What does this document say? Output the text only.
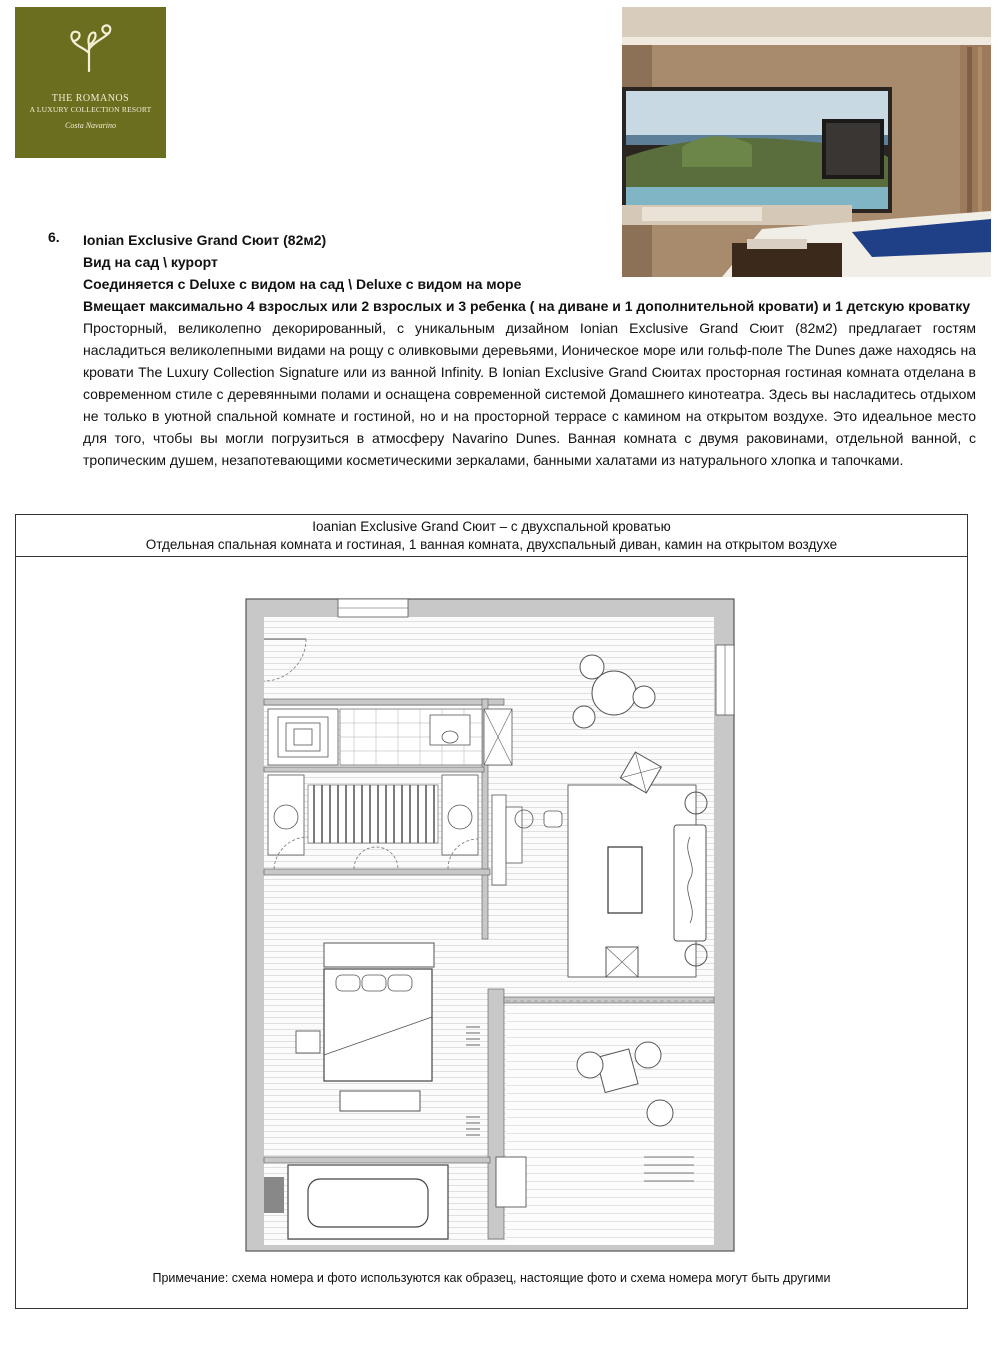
THE ROMANOS
A LUXURY COLLECTION RESORT
Costa Navarino
6. Ionian Exclusive Grand Сюит (82м2)
Вид на сад \ курорт
Соединяется с Deluxe с видом на сад \ Deluxe с видом на море
Вмещает максимально 4 взрослых или 2 взрослых и 3 ребенка ( на диване и 1 дополнительной кровати) и 1 детскую кроватку
Просторный, великолепно декорированный, с уникальным дизайном Ionian Exclusive Grand Сюит (82м2) предлагает гостям насладиться великолепными видами на рощу с оливковыми деревьями, Ионическое море или гольф-поле The Dunes даже находясь на кровати The Luxury Collection Signature или из ванной Infinity. В Ionian Exclusive Grand Сюитах просторная гостиная комната отделана в современном стиле с деревянными полами и оснащена современной системой Домашнего кинотеатра. Здесь вы насладитесь отдыхом не только в уютной спальной комнате и гостиной, но и на просторной террасе с камином на открытом воздухе. Это идеальное место для того, чтобы вы могли погрузиться в атмосферу Navarino Dunes. Ванная комната с двумя раковинами, отдельной ванной, с тропическим душем, незапотевающими косметическими зеркалами, банными халатами из натурального хлопка и тапочками.
Ioanian Exclusive Grand Сюит – с двухспальной кроватью
Отдельная спальная комната и гостиная, 1 ванная комната, двухспальный диван, камин на открытом воздухе
Примечание: схема номера и фото используются как образец, настоящие фото и схема номера могут быть другими
